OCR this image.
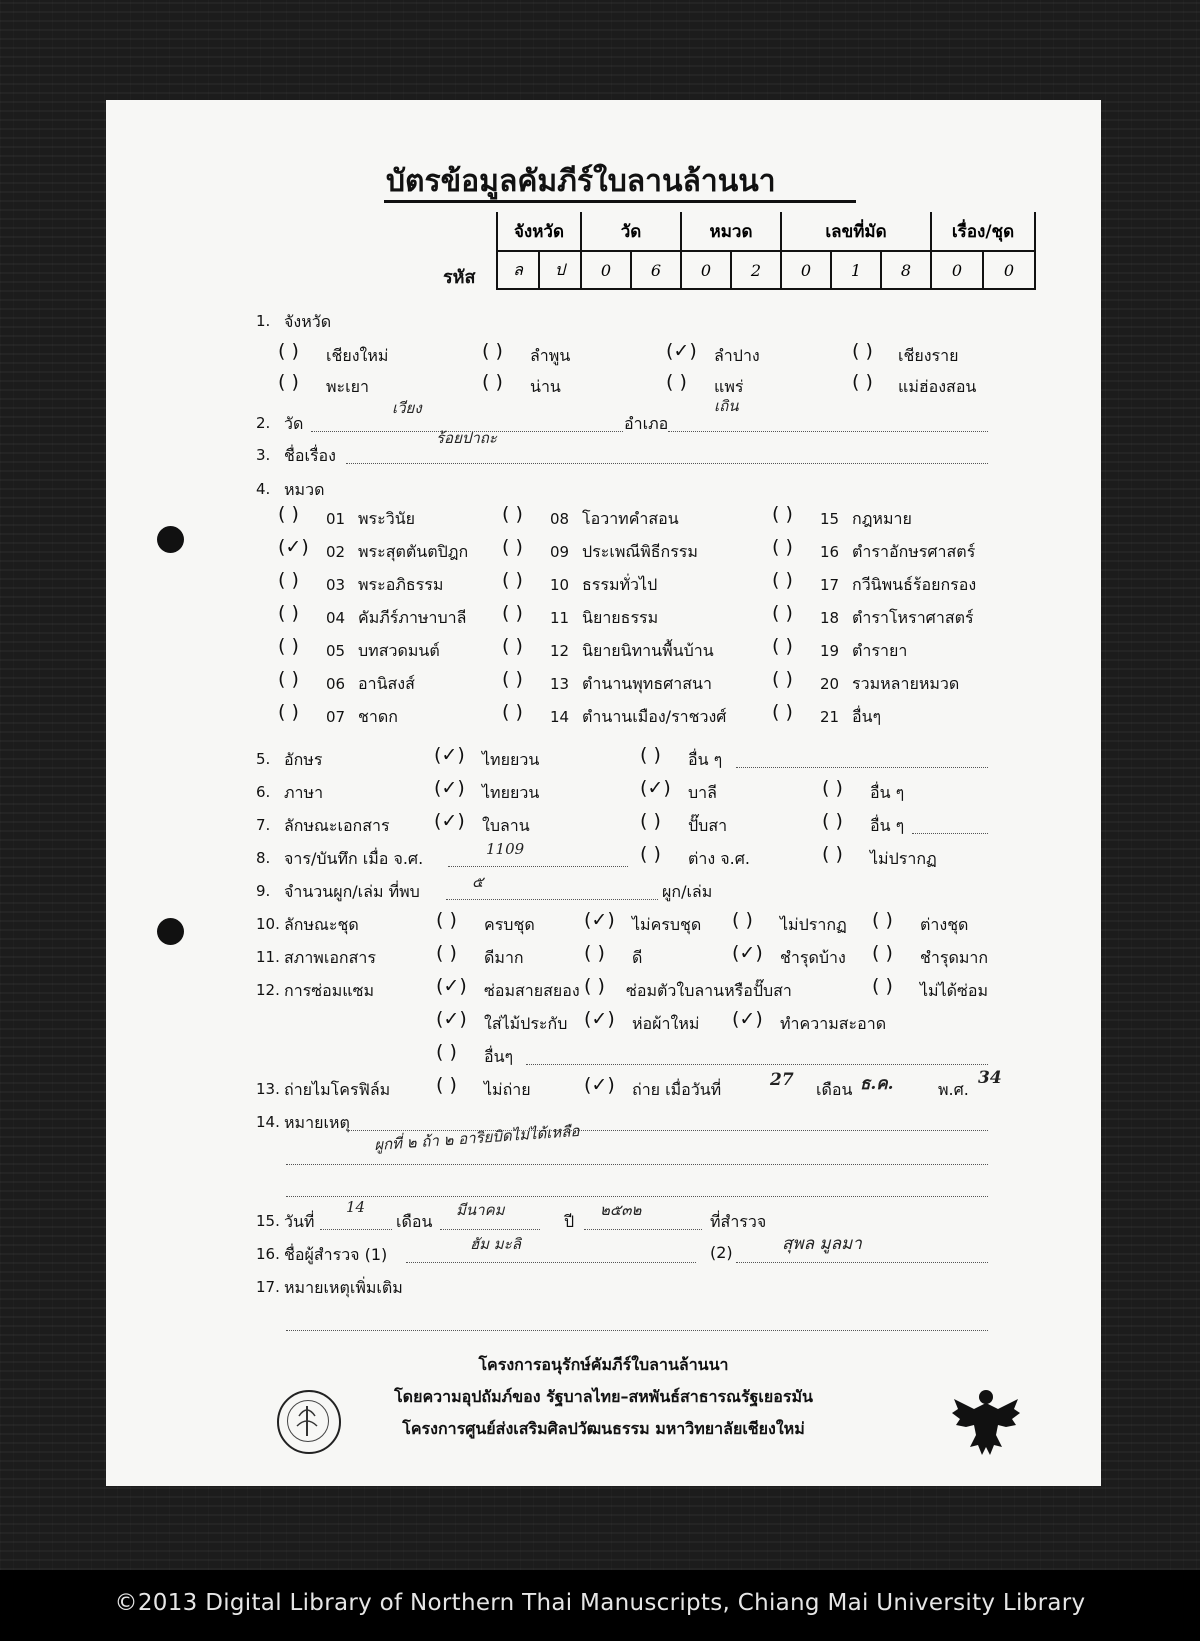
บัตรข้อมูลคัมภีร์ใบลานล้านนา
รหัส
จังหวัด		วัด		หมวด		เลขที่มัด			เรื่อง/ชุด	
ล	ป	0	6	0	2	0	1	8	0	0
1. จังหวัด
( ) เชียงใหม่	( ) ลำพูน	(✓) ลำปาง	( ) เชียงราย
( ) พะเยา	( ) น่าน	( ) แพร่	( ) แม่ฮ่องสอน
2. วัด
เวียง
อำเภอ
เถิน
3. ชื่อเรื่อง
ร้อยปาถะ
4. หมวด
( ) 01 พระวินัย
(✓) 02 พระสุตตันตปิฎก
( ) 03 พระอภิธรรม
( ) 04 คัมภีร์ภาษาบาลี
( ) 05 บทสวดมนต์
( ) 06 อานิสงส์
( ) 07 ชาดก
( ) 08 โอวาทคำสอน
( ) 09 ประเพณีพิธีกรรม
( ) 10 ธรรมทั่วไป
( ) 11 นิยายธรรม
( ) 12 นิยายนิทานพื้นบ้าน
( ) 13 ตำนานพุทธศาสนา
( ) 14 ตำนานเมือง/ราชวงศ์
( ) 15 กฎหมาย
( ) 16 ตำราอักษรศาสตร์
( ) 17 กวีนิพนธ์ร้อยกรอง
( ) 18 ตำราโหราศาสตร์
( ) 19 ตำรายา
( ) 20 รวมหลายหมวด
( ) 21 อื่นๆ
5. อักษร	(✓) ไทยยวน	( ) อื่น ๆ
6. ภาษา	(✓) ไทยยวน	(✓) บาลี	( ) อื่น ๆ
7. ลักษณะเอกสาร (✓) ใบลาน	( ) ปั๊บสา	( ) อื่น ๆ
8. จาร/บันทึก เมื่อ จ.ศ.	1109	( ) ต่าง จ.ศ.	( ) ไม่ปรากฏ
9. จำนวนผูก/เล่ม ที่พบ	๕	ผูก/เล่ม
10. ลักษณะชุด	( ) ครบชุด	(✓) ไม่ครบชุด ( ) ไม่ปรากฏ ( ) ต่างชุด
11. สภาพเอกสาร	( ) ดีมาก	( ) ดี	(✓) ชำรุดบ้าง ( ) ชำรุดมาก
12. การซ่อมแซม	(✓) ซ่อมสายสยอง ( ) ซ่อมตัวใบลานหรือปั๊บสา	( ) ไม่ได้ซ่อม
(✓) ใส่ไม้ประกับ (✓) ห่อผ้าใหม่ (✓) ทำความสะอาด
( ) อื่นๆ
13. ถ่ายไมโครฟิล์ม ( ) ไม่ถ่าย	(✓) ถ่าย เมื่อวันที่	27 เดือน ธ.ค.	พ.ศ.
34
14. หมายเหตุ ผูกที่ ๒ ถ้า ๒ อาริยบิดไม่ได้เหลือ
15. วันที่
14
เดือน
มีนาคม
ปี
๒๕๓๒
ที่สำรวจ
16. ชื่อผู้สำรวจ (1)
ฮัม มะลิ	(2)	สุพล มูลมา
17. หมายเหตุเพิ่มเติม
โครงการอนุรักษ์คัมภีร์ใบลานล้านนา
โดยความอุปถัมภ์ของ รัฐบาลไทย–สหพันธ์สาธารณรัฐเยอรมัน
โครงการศูนย์ส่งเสริมศิลปวัฒนธรรม มหาวิทยาลัยเชียงใหม่
©2013 Digital Library of Northern Thai Manuscripts, Chiang Mai University Library
